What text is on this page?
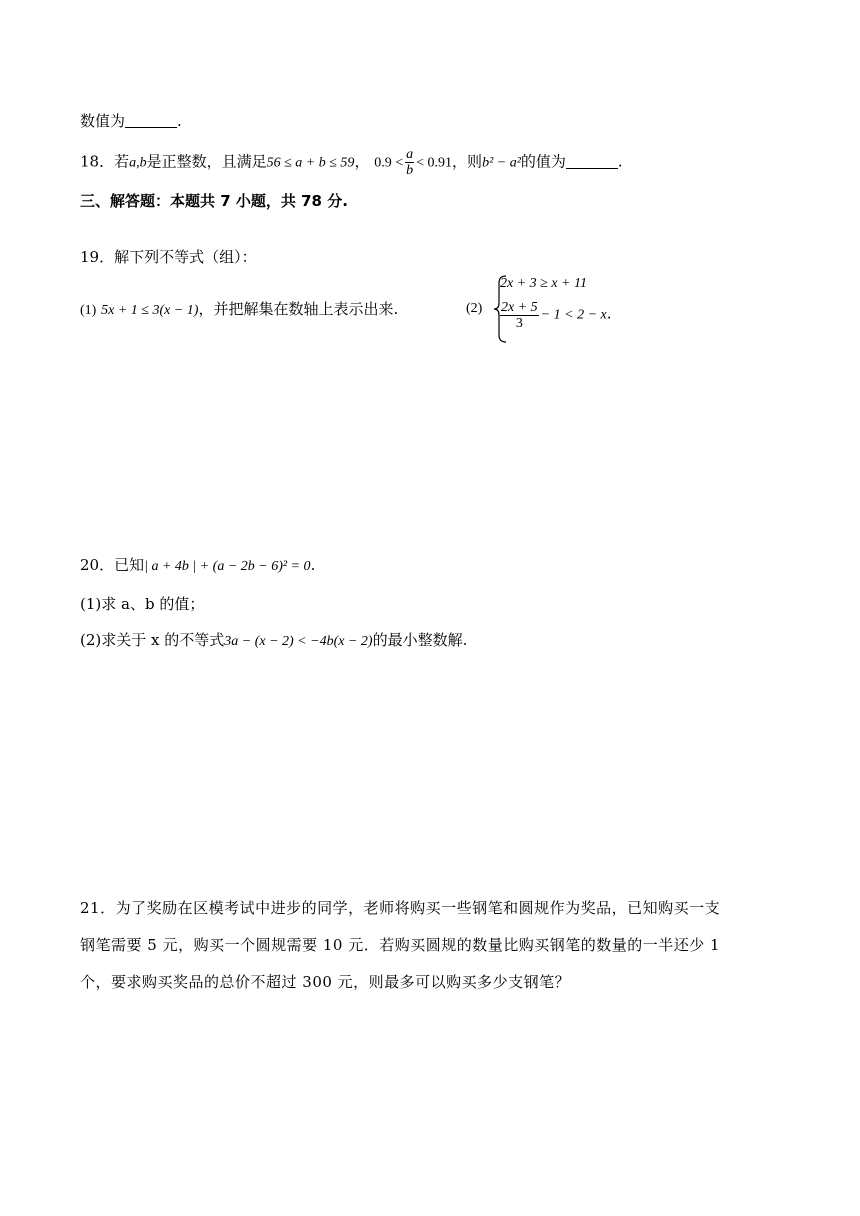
数值为	.
18．若a,b是正整数，且满足56 ≤ a + b ≤ 59， $0.9 < \frac{a}{b} < 0.91$，则b² − a²的值为	.
三、解答题：本题共 7 小题，共 78 分.
19．解下列不等式（组）：
(1) 5x + 1 ≤ 3(x − 1)，并把解集在数轴上表示出来.	(2)
2x + 3 ≥ x + 11
$\frac{2x + 5}{3} - 1 < 2 - x$.
20．已知| a + 4b | + (a − 2b − 6)² = 0.
(1)求 a、b 的值；
(2)求关于 x 的不等式3a − (x − 2) < −4b(x − 2)的最小整数解.
21．为了奖励在区模考试中进步的同学，老师将购买一些钢笔和圆规作为奖品，已知购买一支
钢笔需要 5 元，购买一个圆规需要 10 元．若购买圆规的数量比购买钢笔的数量的一半还少 1
个，要求购买奖品的总价不超过 300 元，则最多可以购买多少支钢笔？
